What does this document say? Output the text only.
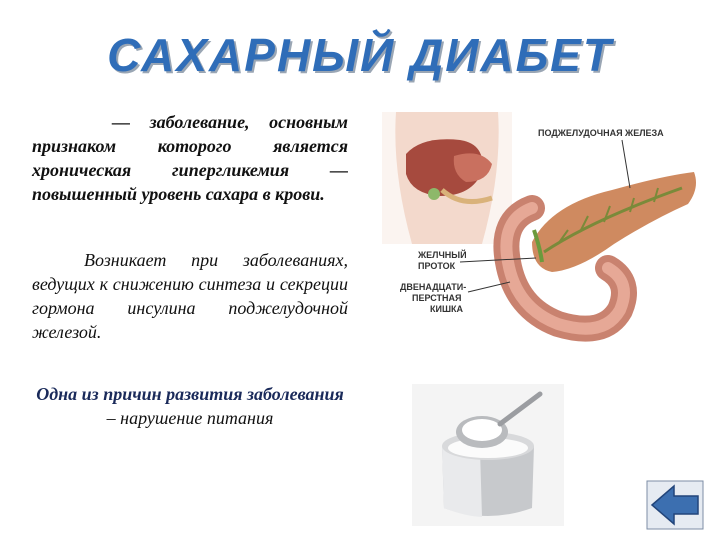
САХАРНЫЙ ДИАБЕТ
— заболевание, основным признаком которого является хроническая гипергликемия — повышенный уровень сахара в крови.
Возникает при заболеваниях, ведущих к снижению синтеза и секреции гормона инсулина поджелудочной железой.
Одна из причин развития заболевания
– нарушение питания
ПОДЖЕЛУДОЧНАЯ ЖЕЛЕЗА
ЖЕЛЧНЫЙ
ПРОТОК
ДВЕНАДЦАТИ-
ПЕРСТНАЯ
КИШКА
